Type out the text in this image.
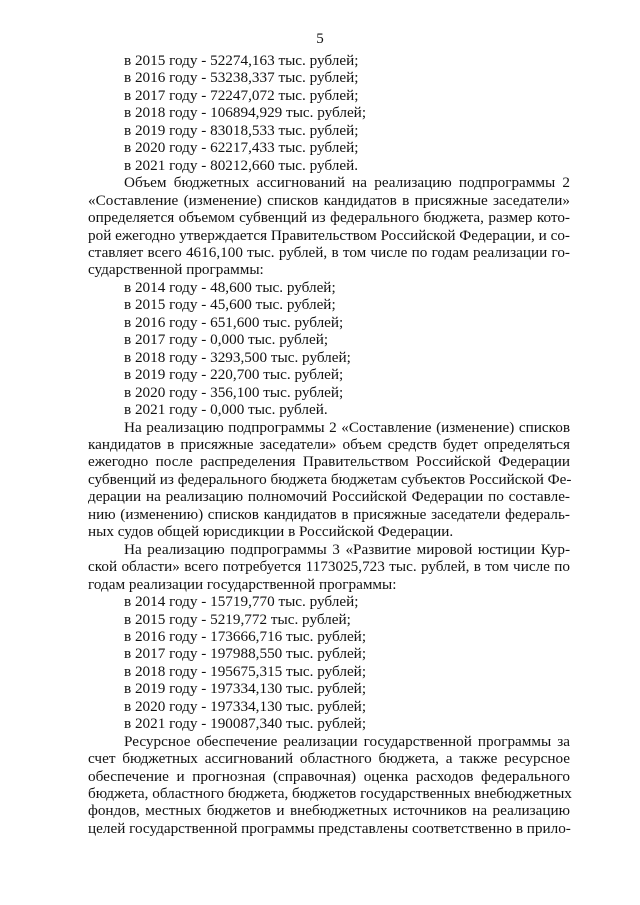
5
в 2015 году - 52274,163 тыс. рублей;
в 2016 году - 53238,337 тыс. рублей;
в 2017 году - 72247,072 тыс. рублей;
в 2018 году - 106894,929 тыс. рублей;
в 2019 году - 83018,533 тыс. рублей;
в 2020 году - 62217,433 тыс. рублей;
в 2021 году - 80212,660 тыс. рублей.
Объем бюджетных ассигнований на реализацию подпрограммы 2
«Составление (изменение) списков кандидатов в присяжные заседатели»
определяется объемом субвенций из федерального бюджета, размер кото-
рой ежегодно утверждается Правительством Российской Федерации, и со-
ставляет всего 4616,100 тыс. рублей, в том числе по годам реализации го-
сударственной программы:
в 2014 году - 48,600 тыс. рублей;
в 2015 году - 45,600 тыс. рублей;
в 2016 году - 651,600 тыс. рублей;
в 2017 году - 0,000 тыс. рублей;
в 2018 году - 3293,500 тыс. рублей;
в 2019 году - 220,700 тыс. рублей;
в 2020 году - 356,100 тыс. рублей;
в 2021 году - 0,000 тыс. рублей.
На реализацию подпрограммы 2 «Составление (изменение) списков
кандидатов в присяжные заседатели» объем средств будет определяться
ежегодно после распределения Правительством Российской Федерации
субвенций из федерального бюджета бюджетам субъектов Российской Фе-
дерации на реализацию полномочий Российской Федерации по составле-
нию (изменению) списков кандидатов в присяжные заседатели федераль-
ных судов общей юрисдикции в Российской Федерации.
На реализацию подпрограммы 3 «Развитие мировой юстиции Кур-
ской области» всего потребуется 1173025,723 тыс. рублей, в том числе по
годам реализации государственной программы:
в 2014 году - 15719,770 тыс. рублей;
в 2015 году - 5219,772 тыс. рублей;
в 2016 году - 173666,716 тыс. рублей;
в 2017 году - 197988,550 тыс. рублей;
в 2018 году - 195675,315 тыс. рублей;
в 2019 году - 197334,130 тыс. рублей;
в 2020 году - 197334,130 тыс. рублей;
в 2021 году - 190087,340 тыс. рублей;
Ресурсное обеспечение реализации государственной программы за
счет бюджетных ассигнований областного бюджета, а также ресурсное
обеспечение и прогнозная (справочная) оценка расходов федерального
бюджета, областного бюджета, бюджетов государственных внебюджетных
фондов, местных бюджетов и внебюджетных источников на реализацию
целей государственной программы представлены соответственно в прило-
